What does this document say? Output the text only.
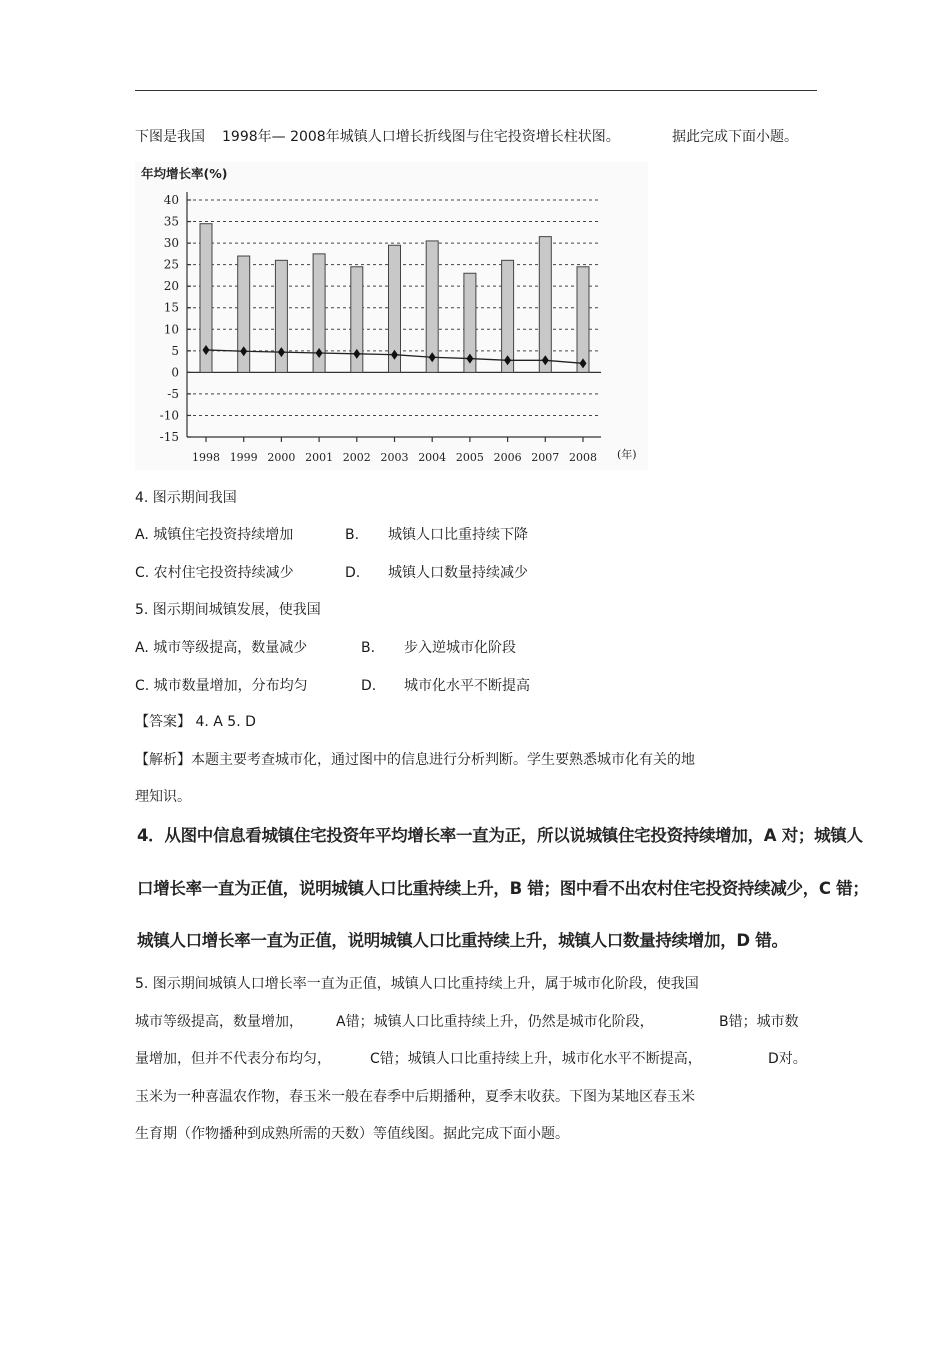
下图是我国 1998年— 2008年城镇人口增长折线图与住宅投资增长柱状图。	据此完成下面小题。
年均增长率(%)
40
35
30
25
20
15
10
5
0
-5
-10
-15
1998 1999 2000 2001 2002 2003 2004 2005 2006 2007 2008 (年)
4. 图示期间我国
A. 城镇住宅投资持续增加	B. 城镇人口比重持续下降
C. 农村住宅投资持续减少	D. 城镇人口数量持续减少
5. 图示期间城镇发展，使我国
A. 城市等级提高，数量减少	B. 步入逆城市化阶段
C. 城市数量增加，分布均匀	D. 城市化水平不断提高
【答案】 4. A 5. D
【解析】本题主要考查城市化，通过图中的信息进行分析判断。学生要熟悉城市化有关的地
理知识。
4．从图中信息看城镇住宅投资年平均增长率一直为正，所以说城镇住宅投资持续增加，A 对；城镇人
口增长率一直为正值，说明城镇人口比重持续上升，B 错；图中看不出农村住宅投资持续减少，C 错；
城镇人口增长率一直为正值，说明城镇人口比重持续上升，城镇人口数量持续增加，D 错。
5. 图示期间城镇人口增长率一直为正值，城镇人口比重持续上升，属于城市化阶段，使我国
城市等级提高，数量增加， A错；城镇人口比重持续上升，仍然是城市化阶段，	B错；城市数
量增加，但并不代表分布均匀，	C错；城镇人口比重持续上升，城市化水平不断提高，	D对。
玉米为一种喜温农作物，春玉米一般在春季中后期播种，夏季末收获。下图为某地区春玉米
生育期（作物播种到成熟所需的天数）等值线图。据此完成下面小题。
